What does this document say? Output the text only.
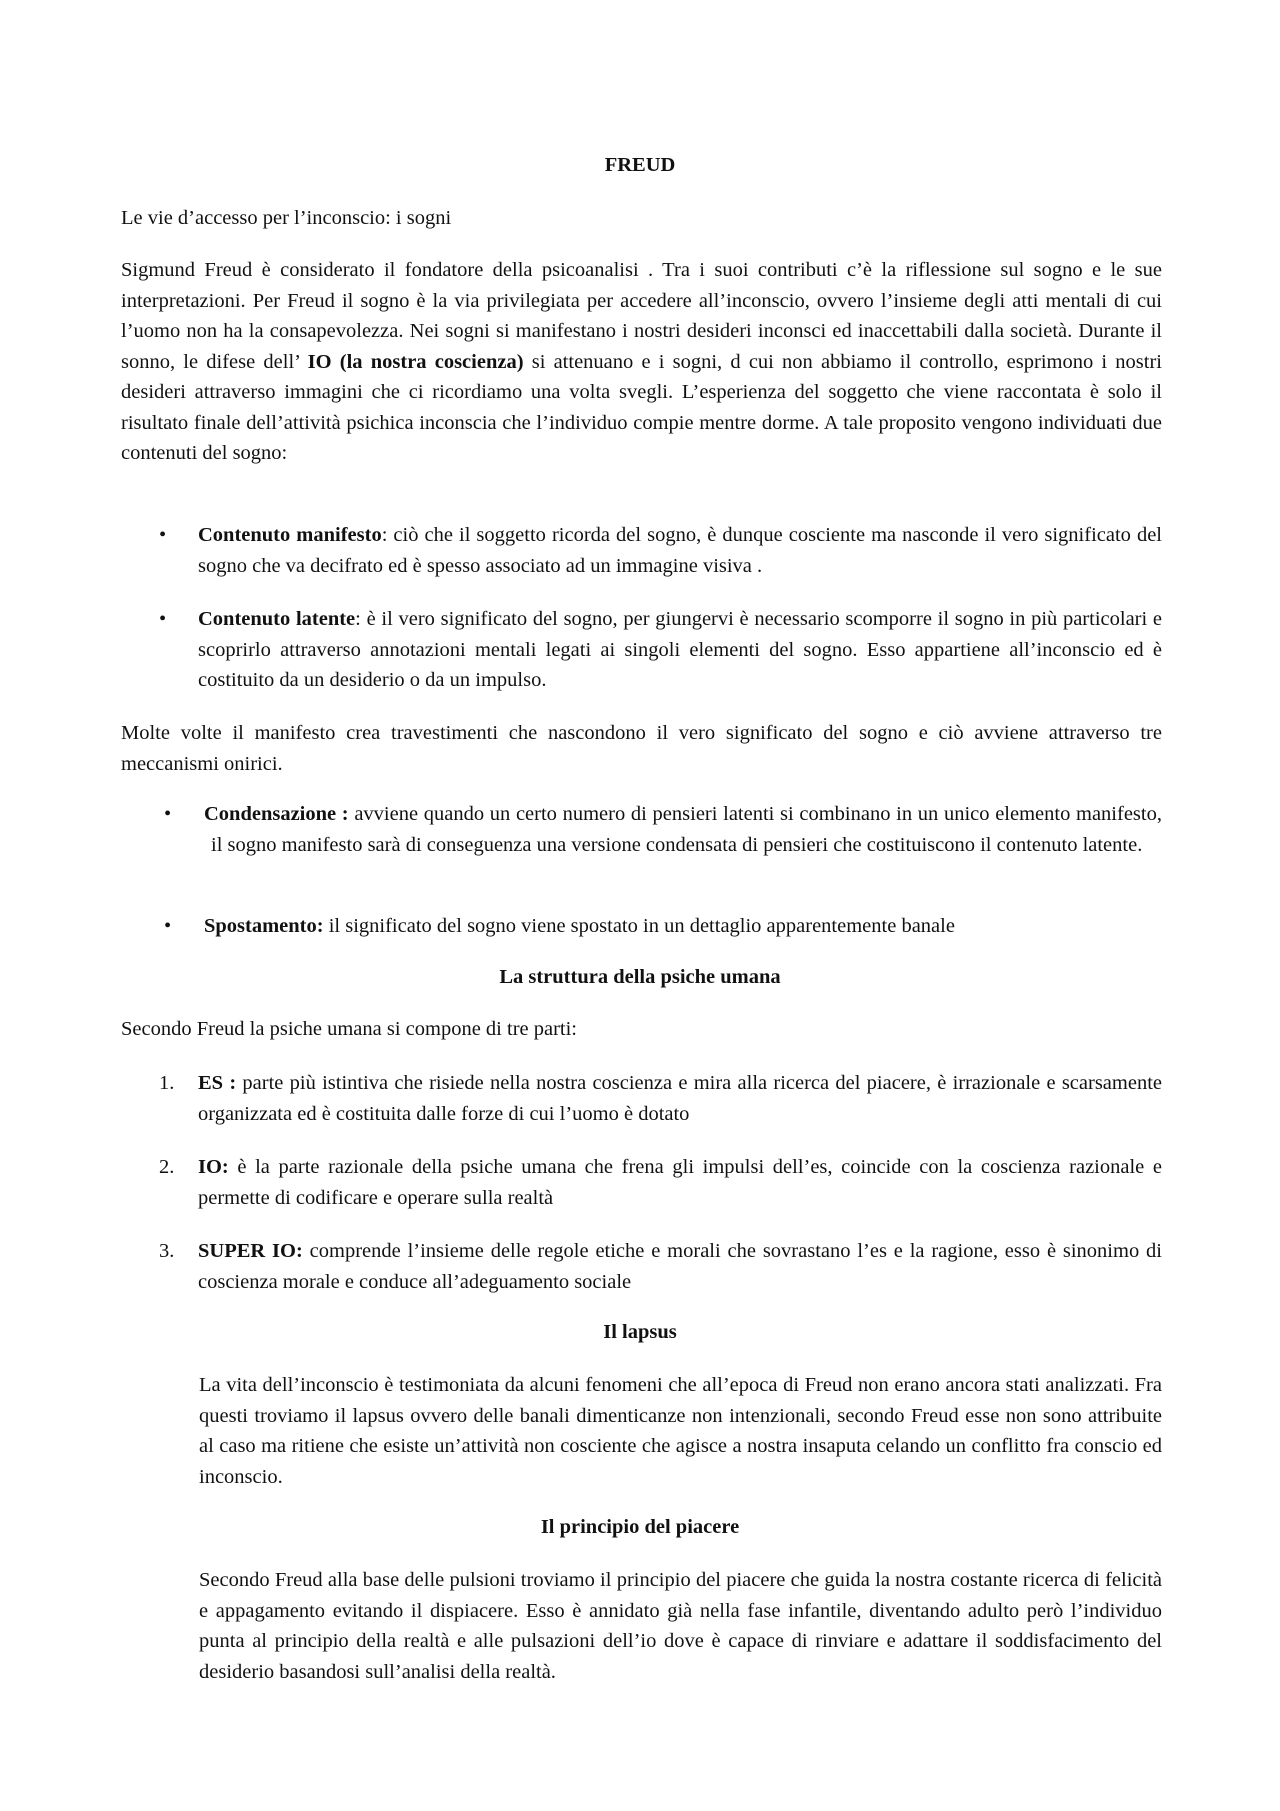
FREUD

Le vie d’accesso per l’inconscio: i sogni

Sigmund Freud è considerato il fondatore della psicoanalisi . Tra i suoi contributi c’è la riflessione sul sogno e le sue interpretazioni. Per Freud il sogno è la via privilegiata per accedere all’inconscio, ovvero l’insieme degli atti mentali di cui l’uomo non ha la consapevolezza. Nei sogni si manifestano i nostri desideri inconsci ed inaccettabili dalla società. Durante il sonno, le difese dell’ IO (la nostra coscienza) si attenuano e i sogni, d cui non abbiamo il controllo, esprimono i nostri desideri attraverso immagini che ci ricordiamo una volta svegli. L’esperienza del soggetto che viene raccontata è solo il risultato finale dell’attività psichica inconscia che l’individuo compie mentre dorme. A tale proposito vengono individuati due contenuti del sogno:

• Contenuto manifesto: ciò che il soggetto ricorda del sogno, è dunque cosciente ma nasconde il vero significato del sogno che va decifrato ed è spesso associato ad un immagine visiva .
• Contenuto latente: è il vero significato del sogno, per giungervi è necessario scomporre il sogno in più particolari e scoprirlo attraverso annotazioni mentali legati ai singoli elementi del sogno. Esso appartiene all’inconscio ed è costituito da un desiderio o da un impulso.

Molte volte il manifesto crea travestimenti che nascondono il vero significato del sogno e ciò avviene attraverso tre meccanismi onirici.

• Condensazione : avviene quando un certo numero di pensieri latenti si combinano in un unico elemento manifesto, il sogno manifesto sarà di conseguenza una versione condensata di pensieri che costituiscono il contenuto latente.
• Spostamento: il significato del sogno viene spostato in un dettaglio apparentemente banale
La struttura della psiche umana

Secondo Freud la psiche umana si compone di tre parti:

1. ES : parte più istintiva che risiede nella nostra coscienza e mira alla ricerca del piacere, è irrazionale e scarsamente organizzata ed è costituita dalle forze di cui l’uomo è dotato
2. IO: è la parte razionale della psiche umana che frena gli impulsi dell’es, coincide con la coscienza razionale e permette di codificare e operare sulla realtà
3. SUPER IO: comprende l’insieme delle regole etiche e morali che sovrastano l’es e la ragione, esso è sinonimo di coscienza morale e conduce all’adeguamento sociale
Il lapsus

La vita dell’inconscio è testimoniata da alcuni fenomeni che all’epoca di Freud non erano ancora stati analizzati. Fra questi troviamo il lapsus ovvero delle banali dimenticanze non intenzionali, secondo Freud esse non sono attribuite al caso ma ritiene che esiste un’attività non cosciente che agisce a nostra insaputa celando un conflitto fra conscio ed inconscio.

Il principio del piacere

Secondo Freud alla base delle pulsioni troviamo il principio del piacere che guida la nostra costante ricerca di felicità e appagamento evitando il dispiacere. Esso è annidato già nella fase infantile, diventando adulto però l’individuo punta al principio della realtà e alle pulsazioni dell’io dove è capace di rinviare e adattare il soddisfacimento del desiderio basandosi sull’analisi della realtà.
